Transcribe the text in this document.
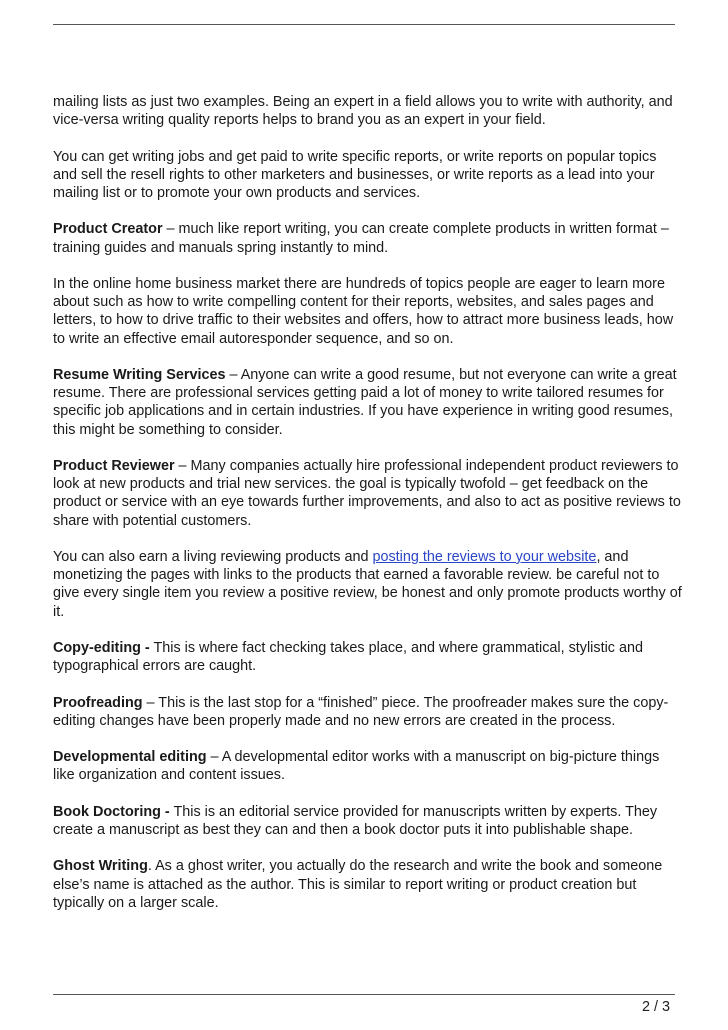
mailing lists as just two examples. Being an expert in a field allows you to write with authority, and vice-versa writing quality reports helps to brand you as an expert in your field.

You can get writing jobs and get paid to write specific reports, or write reports on popular topics and sell the resell rights to other marketers and businesses, or write reports as a lead into your mailing list or to promote your own products and services.

Product Creator – much like report writing, you can create complete products in written format – training guides and manuals spring instantly to mind.

In the online home business market there are hundreds of topics people are eager to learn more about such as how to write compelling content for their reports, websites, and sales pages and letters, to how to drive traffic to their websites and offers, how to attract more business leads, how to write an effective email autoresponder sequence, and so on.

Resume Writing Services – Anyone can write a good resume, but not everyone can write a great resume. There are professional services getting paid a lot of money to write tailored resumes for specific job applications and in certain industries. If you have experience in writing good resumes, this might be something to consider.

Product Reviewer – Many companies actually hire professional independent product reviewers to look at new products and trial new services. the goal is typically twofold – get feedback on the product or service with an eye towards further improvements, and also to act as positive reviews to share with potential customers.

You can also earn a living reviewing products and posting the reviews to your website, and monetizing the pages with links to the products that earned a favorable review. be careful not to give every single item you review a positive review, be honest and only promote products worthy of it.

Copy-editing - This is where fact checking takes place, and where grammatical, stylistic and typographical errors are caught.

Proofreading – This is the last stop for a “finished” piece. The proofreader makes sure the copy-editing changes have been properly made and no new errors are created in the process.

Developmental editing – A developmental editor works with a manuscript on big-picture things like organization and content issues.

Book Doctoring - This is an editorial service provided for manuscripts written by experts. They create a manuscript as best they can and then a book doctor puts it into publishable shape.

Ghost Writing. As a ghost writer, you actually do the research and write the book and someone else’s name is attached as the author. This is similar to report writing or product creation but typically on a larger scale.

2 / 3
